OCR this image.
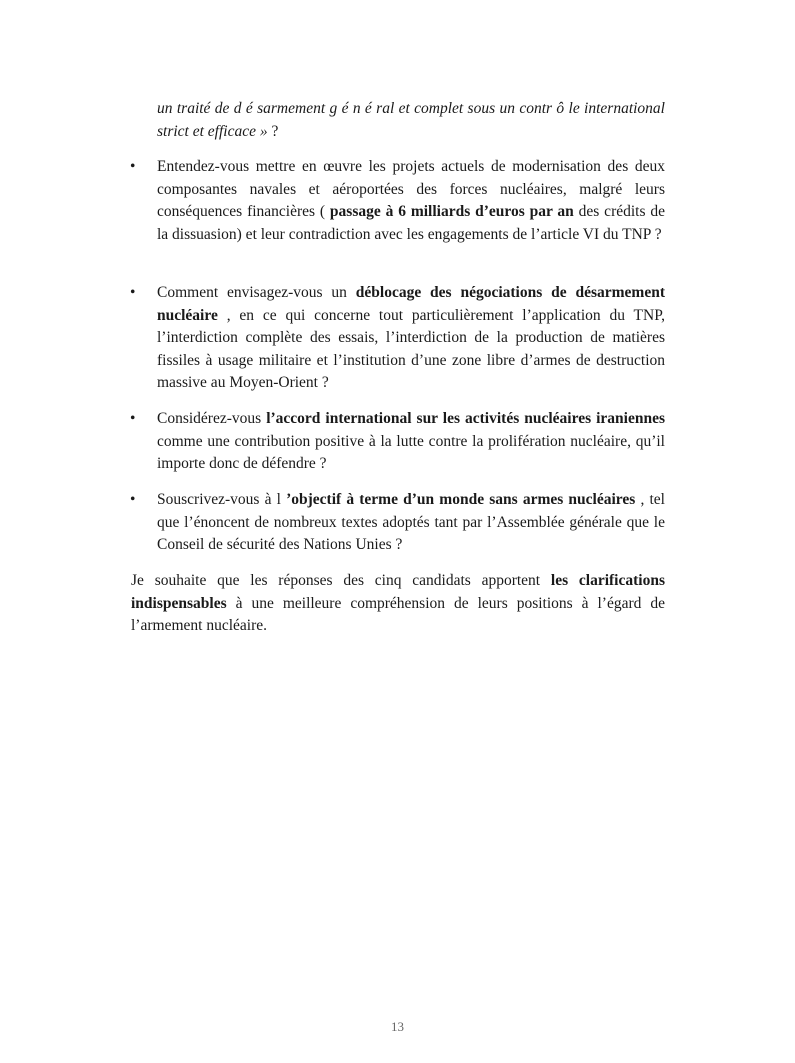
un traité de d é sarmement g é n é ral et complet sous un contr ô le international strict et efficace » ?

• Entendez-vous mettre en œuvre les projets actuels de modernisation des deux composantes navales et aéroportées des forces nucléaires, malgré leurs conséquences financières ( passage à 6 milliards d’euros par an des crédits de la dissuasion) et leur contradiction avec les engagements de l’article VI du TNP ?

• Comment envisagez-vous un déblocage des négociations de désarmement nucléaire , en ce qui concerne tout particulièrement l’application du TNP, l’interdiction complète des essais, l’interdiction de la production de matières fissiles à usage militaire et l’institution d’une zone libre d’armes de destruction massive au Moyen-Orient ?

• Considérez-vous l’accord international sur les activités nucléaires iraniennes comme une contribution positive à la lutte contre la prolifération nucléaire, qu’il importe donc de défendre ?

• Souscrivez-vous à l ’objectif à terme d’un monde sans armes nucléaires , tel que l’énoncent de nombreux textes adoptés tant par l’Assemblée générale que le Conseil de sécurité des Nations Unies ?

Je souhaite que les réponses des cinq candidats apportent les clarifications indispensables à une meilleure compréhension de leurs positions à l’égard de l’armement nucléaire.

13
